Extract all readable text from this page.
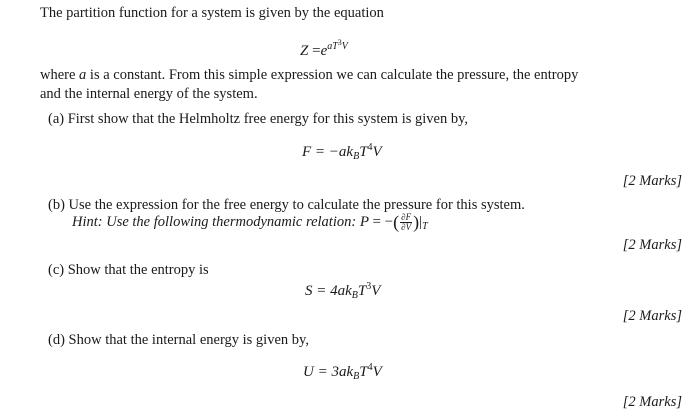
The partition function for a system is given by the equation
$Z =e^{aT^3V}$
where a is a constant. From this simple expression we can calculate the pressure, the entropy
and the internal energy of the system.
(a) First show that the Helmholtz free energy for this system is given by,
$F = -ak_BT^4V$
[2 Marks]
(b) Use the expression for the free energy to calculate the pressure for this system.
Hint: Use the following thermodynamic relation: P = −( $\frac{\partial F}{\partial V} )|_T$
[2 Marks]
(c) Show that the entropy is
$S = 4ak_BT^3V$
[2 Marks]
(d) Show that the internal energy is given by,
$U = 3ak_BT^4V$
[2 Marks]
